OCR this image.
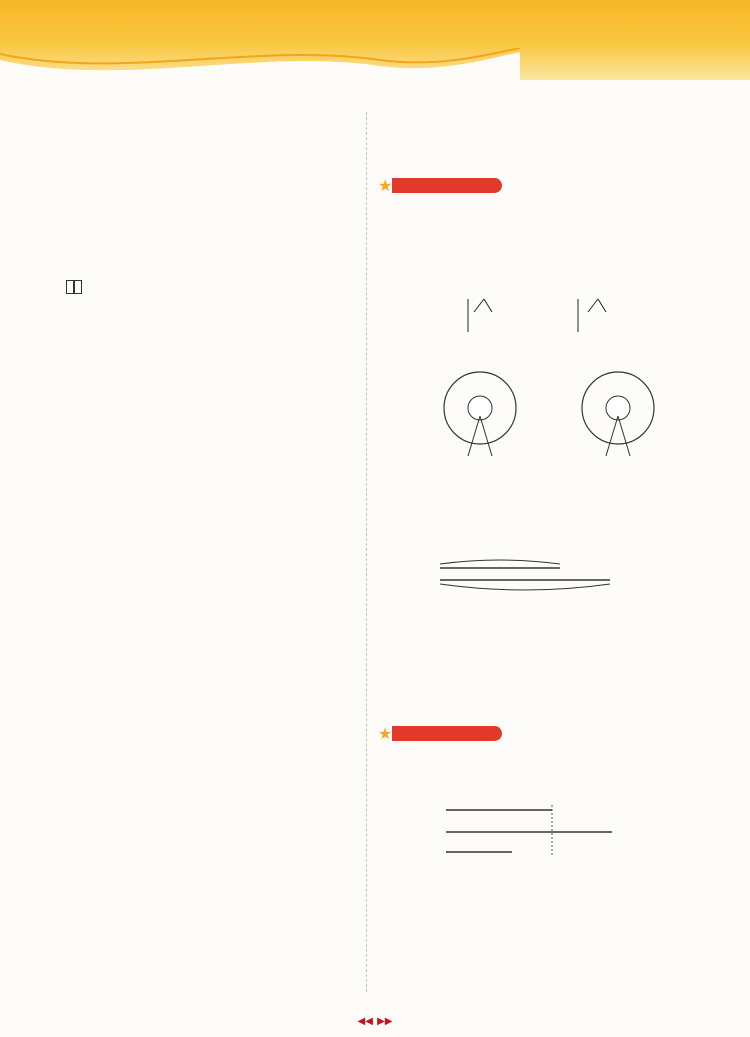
★

★
◀◀ ▶▶
